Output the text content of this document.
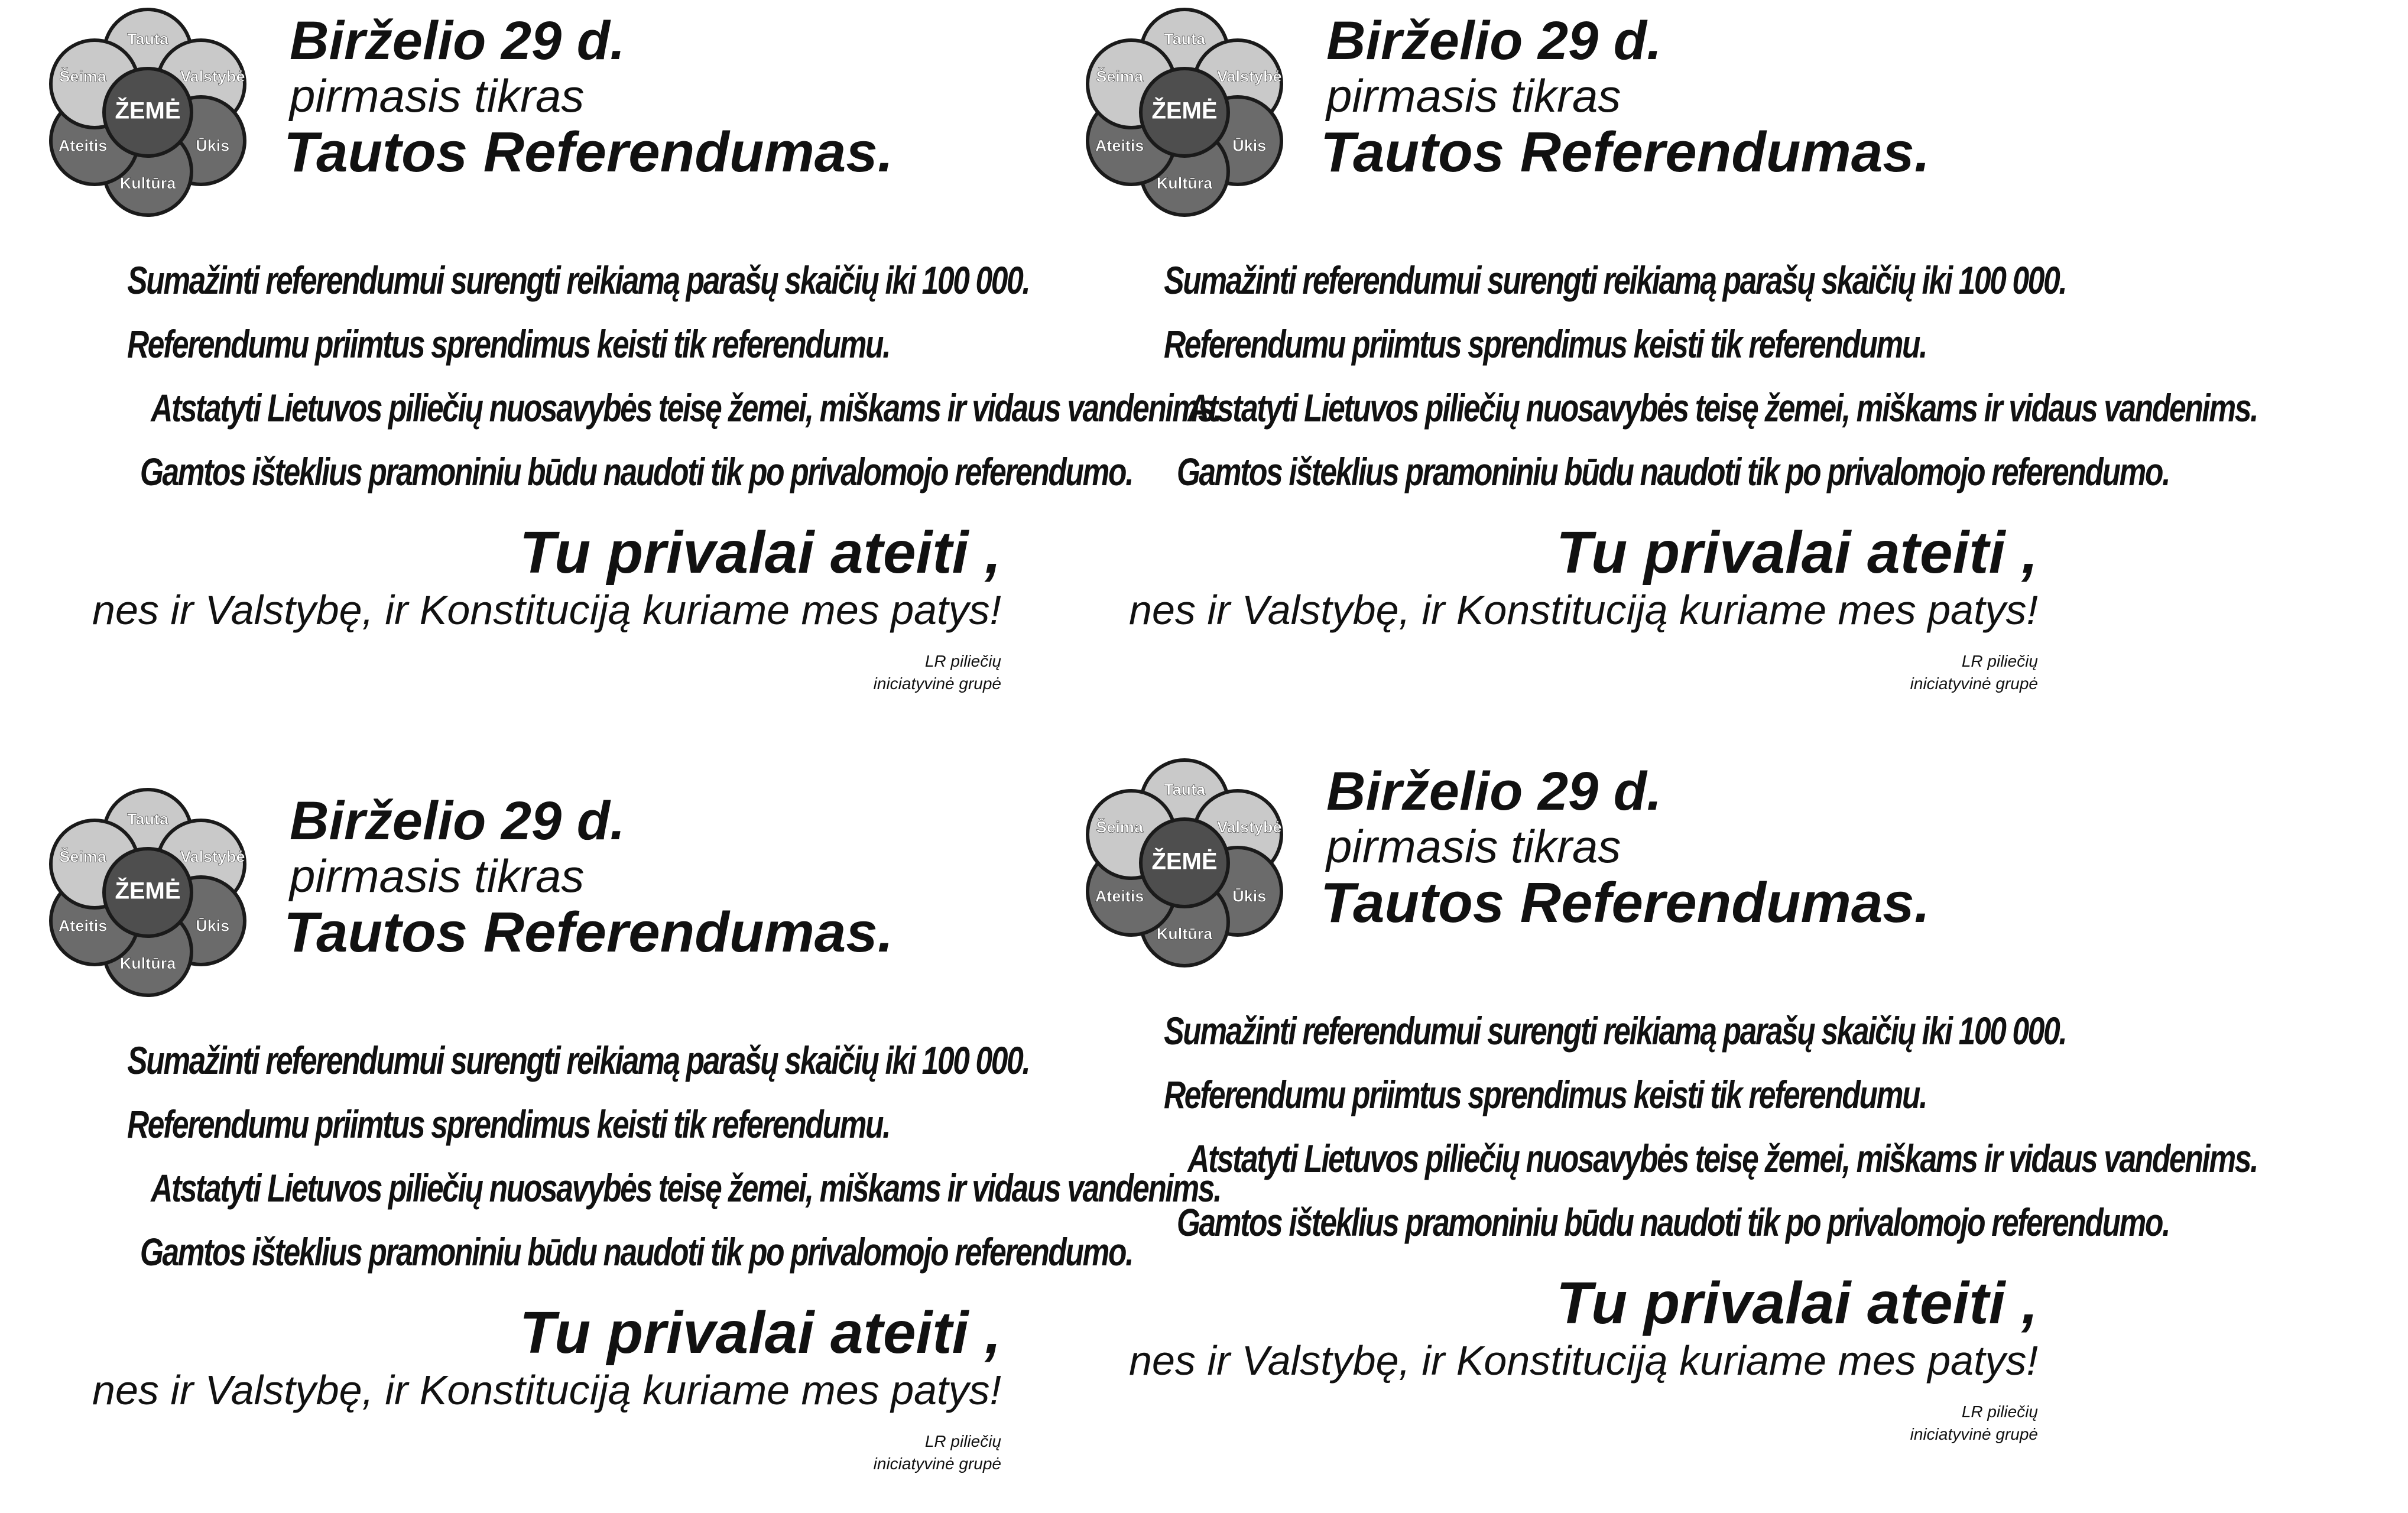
Tauta
Valstybė
Ūkis
Kultūra
Ateitis
Šeima
ŽEMĖ
Birželio 29 d.
pirmasis tikras
Tautos Referendumas.
Sumažinti referendumui surengti reikiamą parašų skaičių iki 100 000.
Referendumu priimtus sprendimus keisti tik referendumu.
Atstatyti Lietuvos piliečių nuosavybės teisę žemei, miškams ir vidaus vandenims.
Gamtos išteklius pramoniniu būdu naudoti tik po privalomojo referendumo.
Tu privalai ateiti ,
nes ir Valstybę, ir Konstituciją kuriame mes patys!
LR piliečių
iniciatyvinė grupė
Tauta
Valstybė
Ūkis
Kultūra
Ateitis
Šeima
ŽEMĖ
Birželio 29 d.
pirmasis tikras
Tautos Referendumas.
Sumažinti referendumui surengti reikiamą parašų skaičių iki 100 000.
Referendumu priimtus sprendimus keisti tik referendumu.
Atstatyti Lietuvos piliečių nuosavybės teisę žemei, miškams ir vidaus vandenims.
Gamtos išteklius pramoniniu būdu naudoti tik po privalomojo referendumo.
Tu privalai ateiti ,
nes ir Valstybę, ir Konstituciją kuriame mes patys!
LR piliečių
iniciatyvinė grupė
Tauta
Valstybė
Ūkis
Kultūra
Ateitis
Šeima
ŽEMĖ
Birželio 29 d.
pirmasis tikras
Tautos Referendumas.
Sumažinti referendumui surengti reikiamą parašų skaičių iki 100 000.
Referendumu priimtus sprendimus keisti tik referendumu.
Atstatyti Lietuvos piliečių nuosavybės teisę žemei, miškams ir vidaus vandenims.
Gamtos išteklius pramoniniu būdu naudoti tik po privalomojo referendumo.
Tu privalai ateiti ,
nes ir Valstybę, ir Konstituciją kuriame mes patys!
LR piliečių
iniciatyvinė grupė
Tauta
Valstybė
Ūkis
Kultūra
Ateitis
Šeima
ŽEMĖ
Birželio 29 d.
pirmasis tikras
Tautos Referendumas.
Sumažinti referendumui surengti reikiamą parašų skaičių iki 100 000.
Referendumu priimtus sprendimus keisti tik referendumu.
Atstatyti Lietuvos piliečių nuosavybės teisę žemei, miškams ir vidaus vandenims.
Gamtos išteklius pramoniniu būdu naudoti tik po privalomojo referendumo.
Tu privalai ateiti ,
nes ir Valstybę, ir Konstituciją kuriame mes patys!
LR piliečių
iniciatyvinė grupė
